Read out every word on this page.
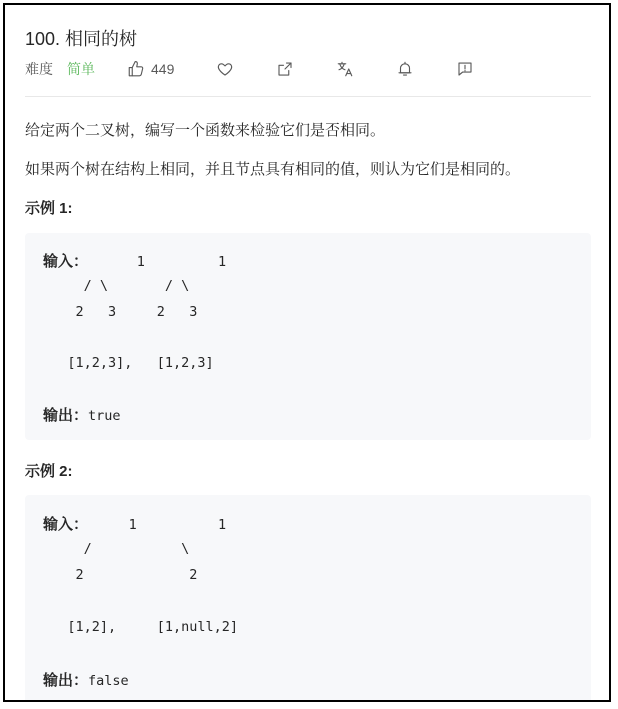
100. 相同的树
难度 简单	449
给定两个二叉树，编写一个函数来检验它们是否相同。
如果两个树在结构上相同，并且节点具有相同的值，则认为它们是相同的。
示例 1:
输入：      1         1
/ \       / \
2   3     2   3
[1,2,3],   [1,2,3]
输出：true
示例 2:
输入：     1          1
/           \
2             2
[1,2],     [1,null,2]
输出：false
